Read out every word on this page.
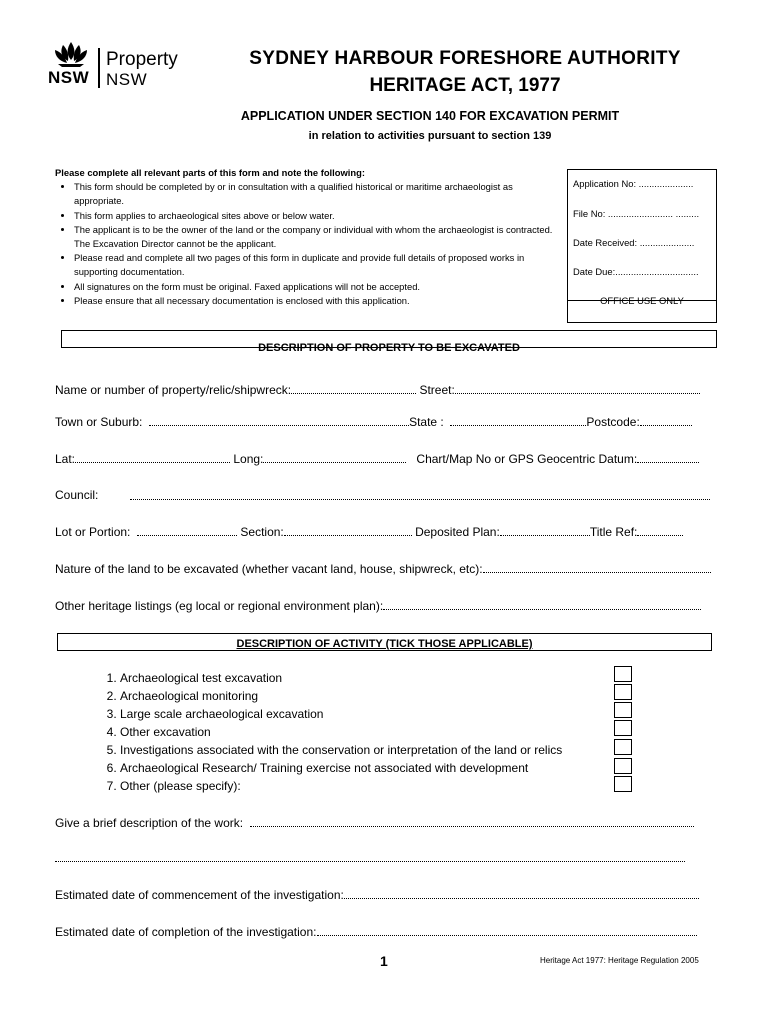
NSW
Property
NSW
SYDNEY HARBOUR FORESHORE AUTHORITY
HERITAGE ACT, 1977
APPLICATION UNDER SECTION 140 FOR EXCAVATION PERMIT
in relation to activities pursuant to section 139
Please complete all relevant parts of this form and note the following:
• This form should be completed by or in consultation with a qualified historical or maritime archaeologist as appropriate.
• This form applies to archaeological sites above or below water.
• The applicant is to be the owner of the land or the company or individual with whom the archaeologist is contracted. The Excavation Director cannot be the applicant.
• Please read and complete all two pages of this form in duplicate and provide full details of proposed works in supporting documentation.
• All signatures on the form must be original. Faxed applications will not be accepted.
• Please ensure that all necessary documentation is enclosed with this application.
Application No: .....................
File No: ......................... .........
Date Received: .....................
Date Due:................................
DESCRIPTION OF PROPERTY TO BE EXCAVATED
Name or number of property/relic/shipwreck:	Street:
Town or Suburb:	State :	Postcode:
Lat:	Long:	Chart/Map No or GPS Geocentric Datum:
Council:
Lot or Portion:	Section:	Deposited Plan:	Title Ref:
Nature of the land to be excavated (whether vacant land, house, shipwreck, etc):
Other heritage listings (eg local or regional environment plan):
DESCRIPTION OF ACTIVITY (TICK THOSE APPLICABLE)
1. Archaeological test excavation
2. Archaeological monitoring
3. Large scale archaeological excavation
4. Other excavation
5. Investigations associated with the conservation or interpretation of the land or relics
6. Archaeological Research/ Training exercise not associated with development
7. Other (please specify):
Give a brief description of the work:
Estimated date of commencement of the investigation:
Estimated date of completion of the investigation:
1	Heritage Act 1977: Heritage Regulation 2005
